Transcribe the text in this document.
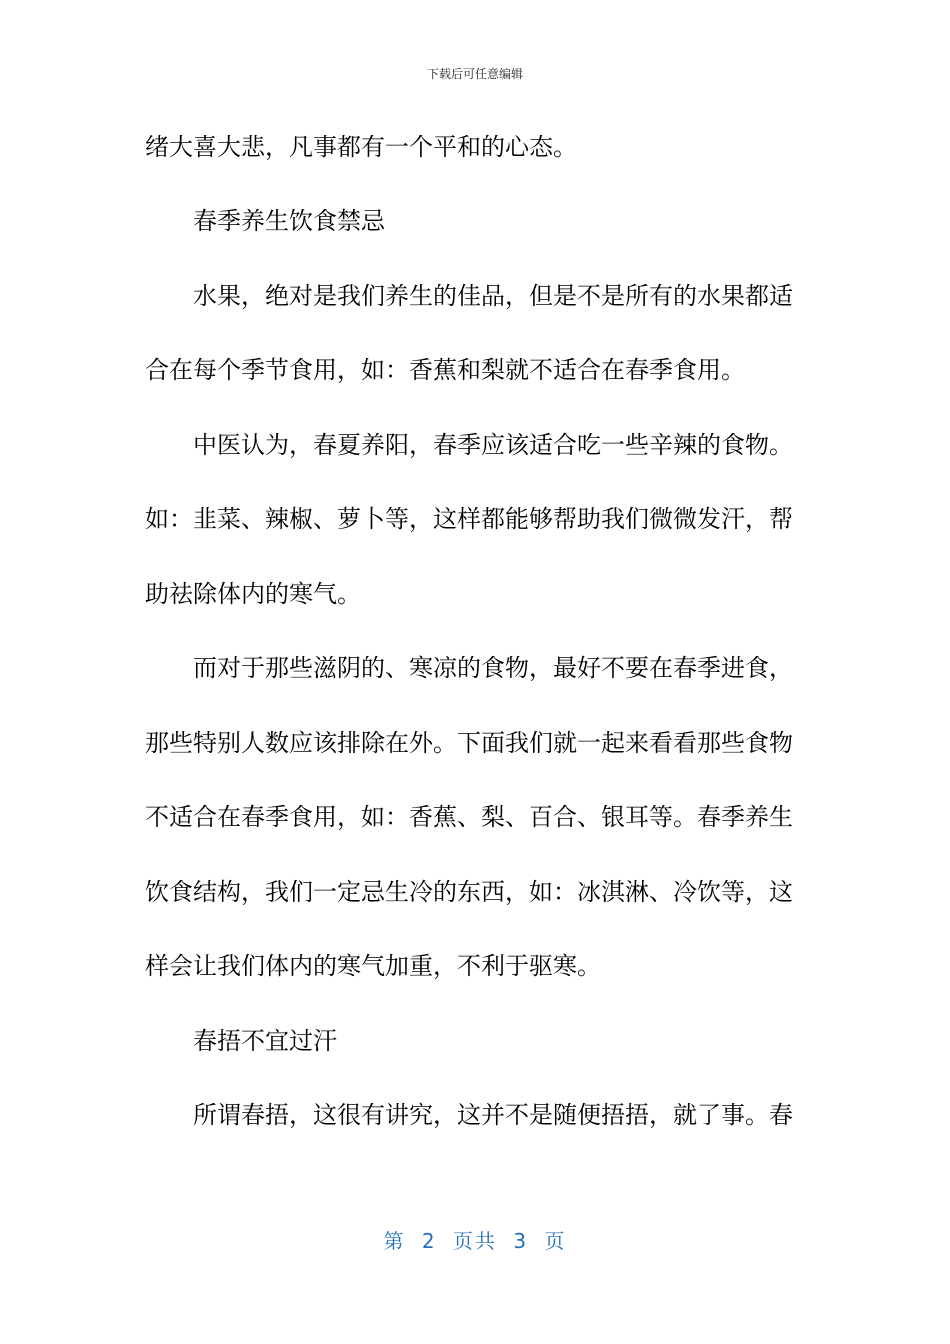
下载后可任意编辑
绪大喜大悲，凡事都有一个平和的心态。
春季养生饮食禁忌
水果，绝对是我们养生的佳品，但是不是所有的水果都适
合在每个季节食用，如：香蕉和梨就不适合在春季食用。
中医认为，春夏养阳，春季应该适合吃一些辛辣的食物。
如：韭菜、辣椒、萝卜等，这样都能够帮助我们微微发汗，帮
助祛除体内的寒气。
而对于那些滋阴的、寒凉的食物，最好不要在春季进食，
那些特别人数应该排除在外。下面我们就一起来看看那些食物
不适合在春季食用，如：香蕉、梨、百合、银耳等。春季养生
饮食结构，我们一定忌生冷的东西，如：冰淇淋、冷饮等，这
样会让我们体内的寒气加重，不利于驱寒。
春捂不宜过汗
所谓春捂，这很有讲究，这并不是随便捂捂，就了事。春
第 2 页共 3 页
